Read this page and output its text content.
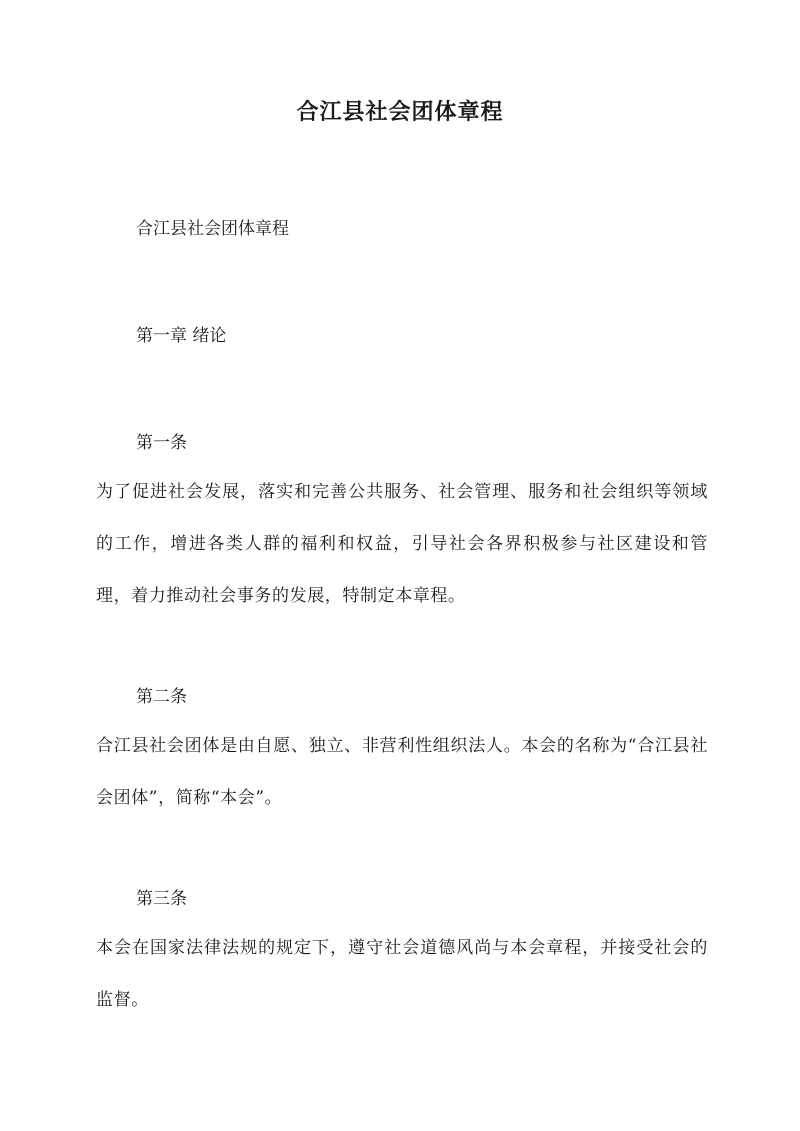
合江县社会团体章程
合江县社会团体章程
第一章 绪论
第一条
为了促进社会发展，落实和完善公共服务、社会管理、服务和社会组织等领域的工作，增进各类人群的福利和权益，引导社会各界积极参与社区建设和管理，着力推动社会事务的发展，特制定本章程。
第二条
合江县社会团体是由自愿、独立、非营利性组织法人。本会的名称为“合江县社会团体”，简称“本会”。
第三条
本会在国家法律法规的规定下，遵守社会道德风尚与本会章程，并接受社会的监督。
